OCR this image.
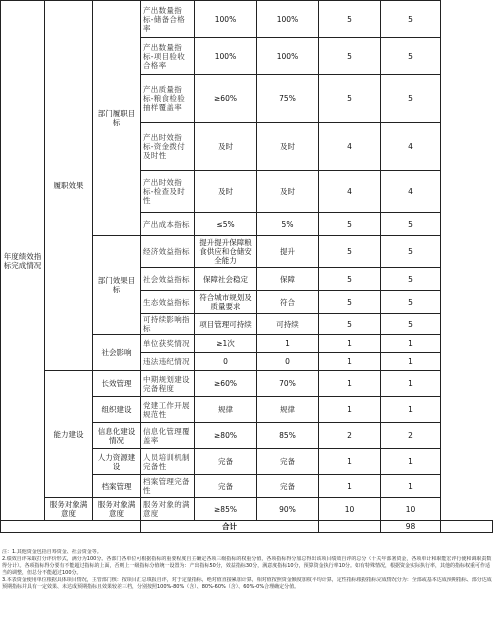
年度绩效指标完成情况	履职效果	部门履职目标	产出数量指标-储备合格率	100%	100%	5	5	
			产出数量指标-项目验收合格率	100%	100%	5	5	
			产出质量指标-粮食检验抽样覆盖率	≥60%	75%	5	5	
			产出时效指标-资金拨付及时性	及时	及时	4	4	
			产出时效指标-检查及时性	及时	及时	4	4	
			产出成本指标	≤5%	5%	5	5	
		部门效果目标	经济效益指标	提升提升保障粮食供应和仓储安全能力	提升	5	5	
			社会效益指标	保障社会稳定	保障	5	5	
			生态效益指标	符合城市规划及质量要求	符合	5	5	
			可持续影响指标	项目管理可持续	可持续	5	5	
		社会影响	单位获奖情况	≥1次	1	1	1	
			违法违纪情况	0	0	1	1	
	能力建设	长效管理	中期规划建设完备程度	≥60%	70%	1	1	
		组织建设	党建工作开展规范性	规律	规律	1	1	
		信息化建设情况	信息化管理覆盖率	≥80%	85%	2	2	
		人力资源建设	人员培训机制完备性	完备	完备	1	1	
		档案管理	档案管理完备性	完备	完备	1	1	
	服务对象满意度	服务对象满意度	服务对象的满意度	≥85%	90%	10	10	
			合计				98	
注：1.其他资金包括自筹资金、社会资金等。
2.绩效自评采取打分评价形式，满分为100分。各部门各单位可根据指标的重要程度自主确定各项三级指标的权重分值，各项指标得分加总得出该项目绩效自评的总分（十关年部署资金，各项单计和职能宏评行使和调职责数得分计）。各项指标得分要有不能超过指标的上面，否则上一级指标分值统一设置为：产出指标50分，效益指标30分，满意度指标10分，预算资金执行率10分。如有特殊情况，根据资金实际执行率，其他的指标权重可作适当的调整，但总分不能超过100分。
3.本表资金使用单位根据具体项目情况，主管部门核：按项目汇总填报自评，对于定量指标，绝对值直接累加计算，相对值按照资金额度加权平均计算，定性指标根据指标完成情况分为：全部或基本达成预期指标、部分达成预期指标并具有一定效果、未达成预期指标且效果较差三档，分别按照100%-80%（含）、80%-60%（含）、60%-0%合理确定分值。
